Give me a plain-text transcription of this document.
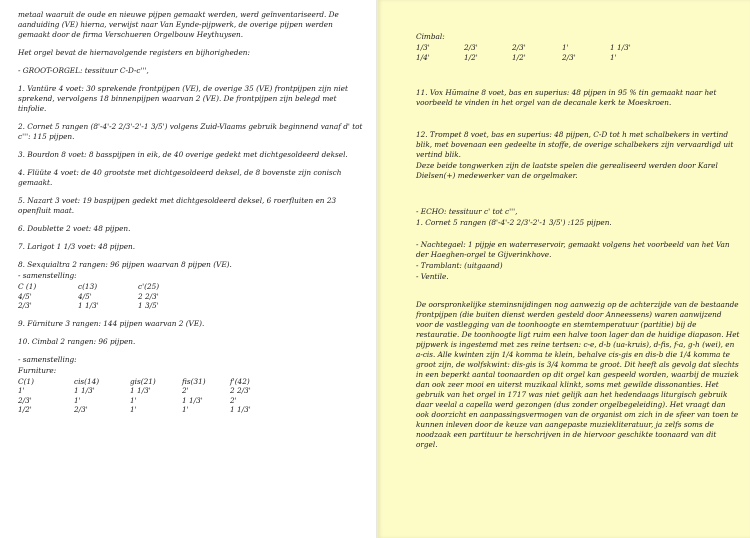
metaal waaruit de oude en nieuwe pijpen gemaakt werden, werd geïnventariseerd. De aanduiding (VE) hierna, verwijst naar Van Eynde-pijpwerk, de overige pijpen werden gemaakt door de firma Verschueren Orgelbouw Heythuysen.

Het orgel bevat de hiernavolgende registers en bijhorigheden:

- GROOT-ORGEL: tessituur C-D-c''',

1. Vantüre 4 voet: 30 sprekende frontpijpen (VE), de overige 35 (VE) frontpijpen zijn niet sprekend, vervolgens 18 binnenpijpen waarvan 2 (VE). De frontpijpen zijn belegd met tinfolie.

2. Cornet 5 rangen (8'-4'-2 2/3'-2'-1 3/5') volgens Zuid-Vlaams gebruik beginnend vanaf d' tot c''': 115 pijpen.

3. Bourdon 8 voet: 8 basspijpen in eik, de 40 overige gedekt met dichtgesoldeerd deksel.

4. Flüüte 4 voet: de 40 grootste met dichtgesoldeerd deksel, de 8 bovenste zijn conisch gemaakt.

5. Nazart 3 voet: 19 baspijpen gedekt met dichtgesoldeerd deksel, 6 roerfluiten en 23 openfluit maat.

6. Doublette 2 voet: 48 pijpen.

7. Larigot 1 1/3 voet: 48 pijpen.

8. Sexquialtra 2 rangen: 96 pijpen waarvan 8 pijpen (VE).

- samenstelling:

C (1)	c(13)	c'(25)
4/5'	4/5'	2 2/3'
2/3'	1 1/3'	1 3/5'

9. Fürniture 3 rangen: 144 pijpen waarvan 2 (VE).

10. Cimbal 2 rangen: 96 pijpen.

- samenstelling:

Furniture:

C(1)	cis(14)	gis(21)	fis(31)	f'(42)
1'	1 1/3'	1 1/3'	2'	2 2/3'
2/3'	1'	1'	1 1/3'	2'
1/2'	2/3'	1'	1'	1 1/3'

Cimbal:

1/3'	2/3'	2/3'	1'	1 1/3'
1/4'	1/2'	1/2'	2/3'	1'

11. Vox Hūmaine 8 voet, bas en superius: 48 pijpen in 95 % tin gemaakt naar het voorbeeld te vinden in het orgel van de decanale kerk te Moeskroen.

12. Trompet 8 voet, bas en superius: 48 pijpen, C-D tot h met schalbekers in vertind blik, met bovenaan een gedeelte in stoffe, de overige schalbekers zijn vervaardigd uit vertind blik.

Deze beide tongwerken zijn de laatste spelen die gerealiseerd werden door Karel Dielsen(+) medewerker van de orgelmaker.

- ECHO: tessituur c' tot c''',

1. Cornet 5 rangen (8'-4'-2 2/3'-2'-1 3/5') :125 pijpen.

- Nachtegael: 1 pijpje en waterreservoir, gemaakt volgens het voorbeeld van het Van der Haeghen-orgel te Gijverinkhove.

- Tramblant: (uitgaand)

- Ventile.

De oorspronkelijke steminsnijdingen nog aanwezig op de achterzijde van de bestaande frontpijpen (die buiten dienst werden gesteld door Anneessens) waren aanwijzend voor de vastlegging van de toonhoogte en stemtemperatuur (partitie) bij de restauratie. De toonhoogte ligt ruim een halve toon lager dan de huidige diapason. Het pijpwerk is ingestemd met zes reine tertsen: c-e, d-b (ua-kruis), d-fis, f-a, g-h (wei), en a-cis. Alle kwinten zijn 1/4 komma te klein, behalve cis-gis en dis-b die 1/4 komma te groot zijn, de wolfskwint: dis-gis is 3/4 komma te groot. Dit heeft als gevolg dat slechts in een beperkt aantal toonaarden op dit orgel kan gespeeld worden, waarbij de muziek dan ook zeer mooi en uiterst muzikaal klinkt, soms met gewilde dissonanties. Het gebruik van het orgel in 1717 was niet gelijk aan het hedendaags liturgisch gebruik daar veelal a capella werd gezongen (dus zonder orgelbegeleiding). Het vraagt dan ook doorzicht en aanpassingsvermogen van de organist om zich in de sfeer van toen te kunnen inleven door de keuze van aangepaste muziekliteratuur, ja zelfs soms de noodzaak een partituur te herschrijven in de hiervoor geschikte toonaard van dit orgel.
